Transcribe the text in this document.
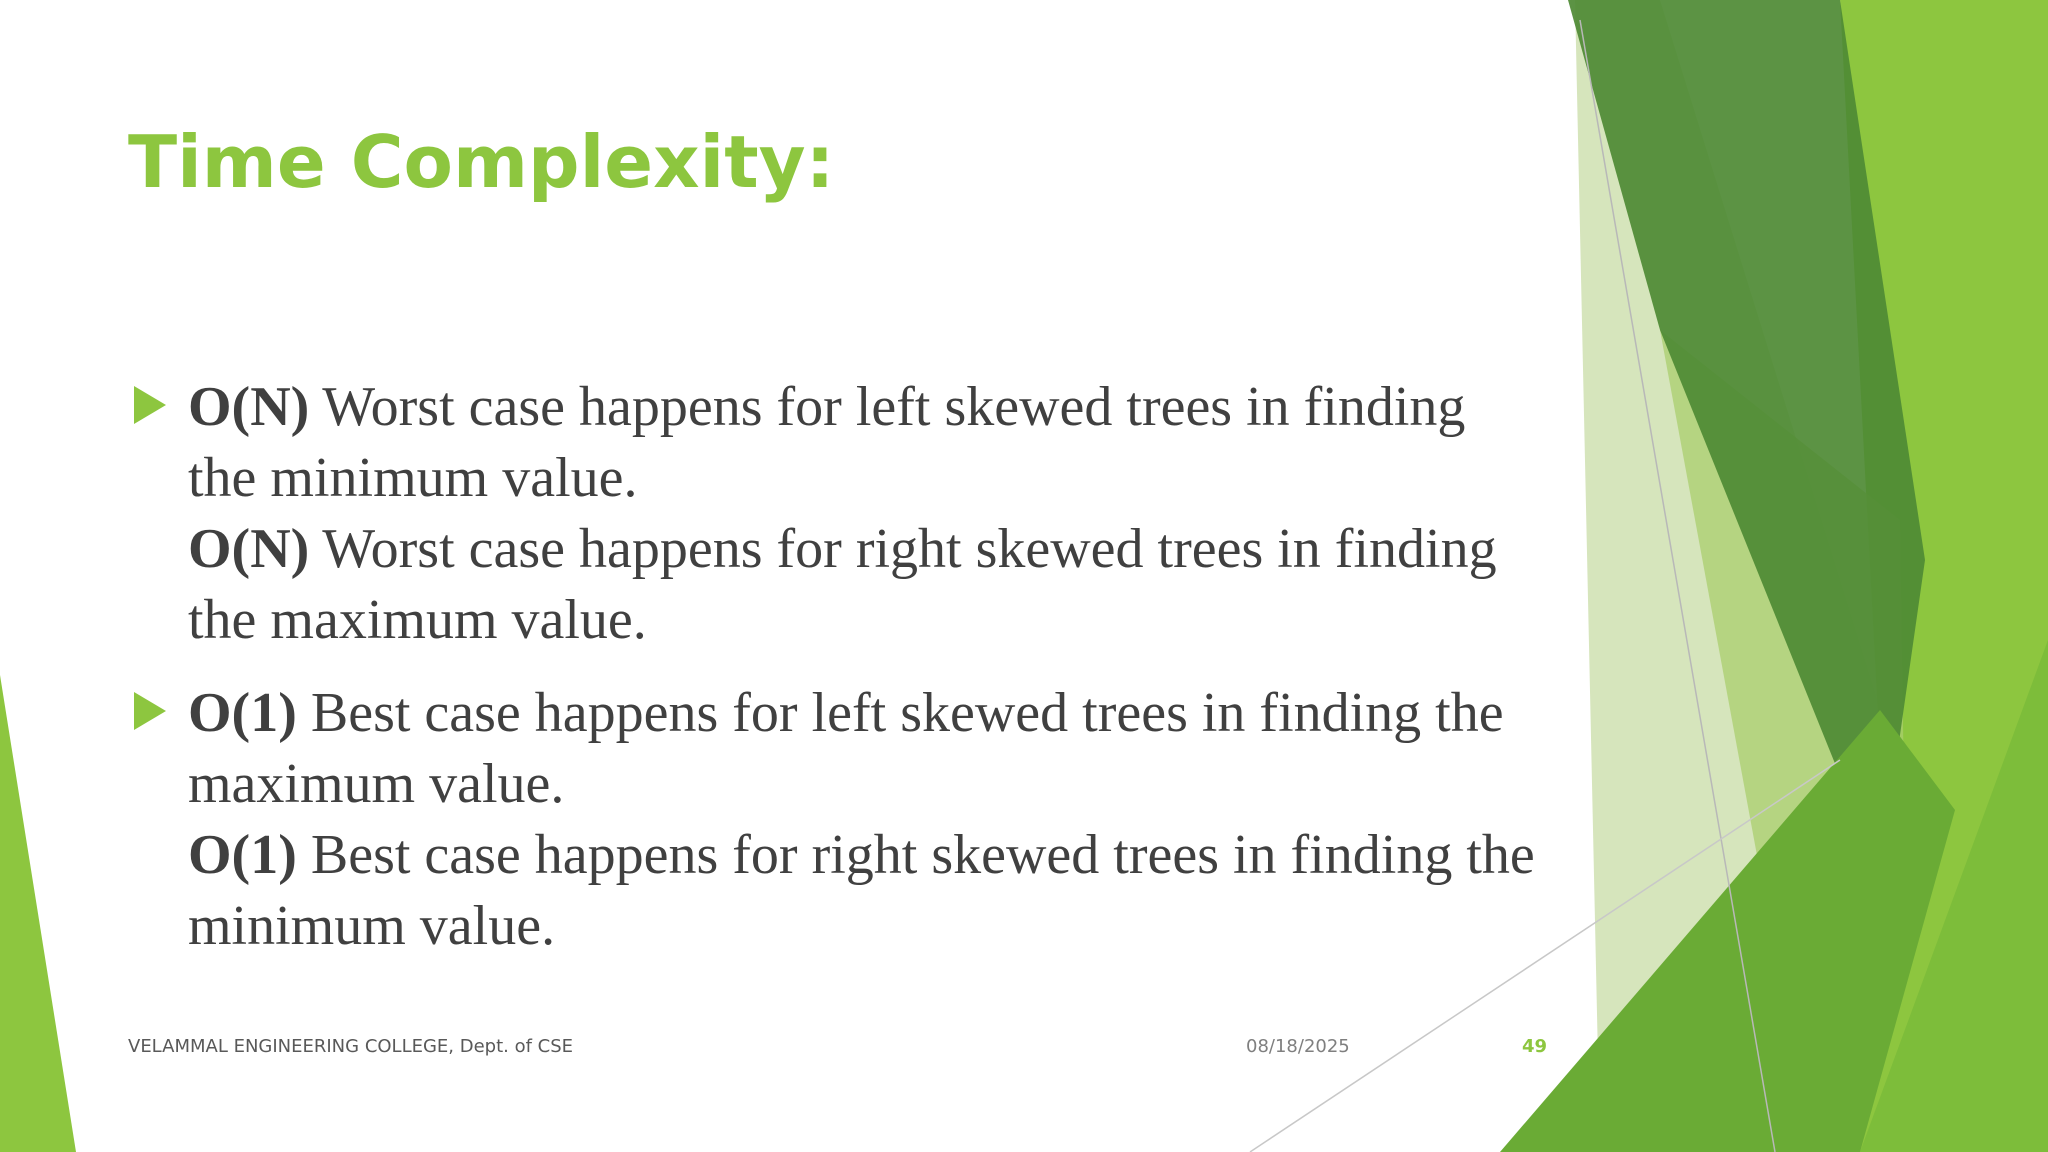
Time Complexity:
O(N) Worst case happens for left skewed trees in finding
the minimum value.
O(N) Worst case happens for right skewed trees in finding
the maximum value.
O(1) Best case happens for left skewed trees in finding the
maximum value.
O(1) Best case happens for right skewed trees in finding the
minimum value.
VELAMMAL ENGINEERING COLLEGE, Dept. of CSE	08/18/2025	49
